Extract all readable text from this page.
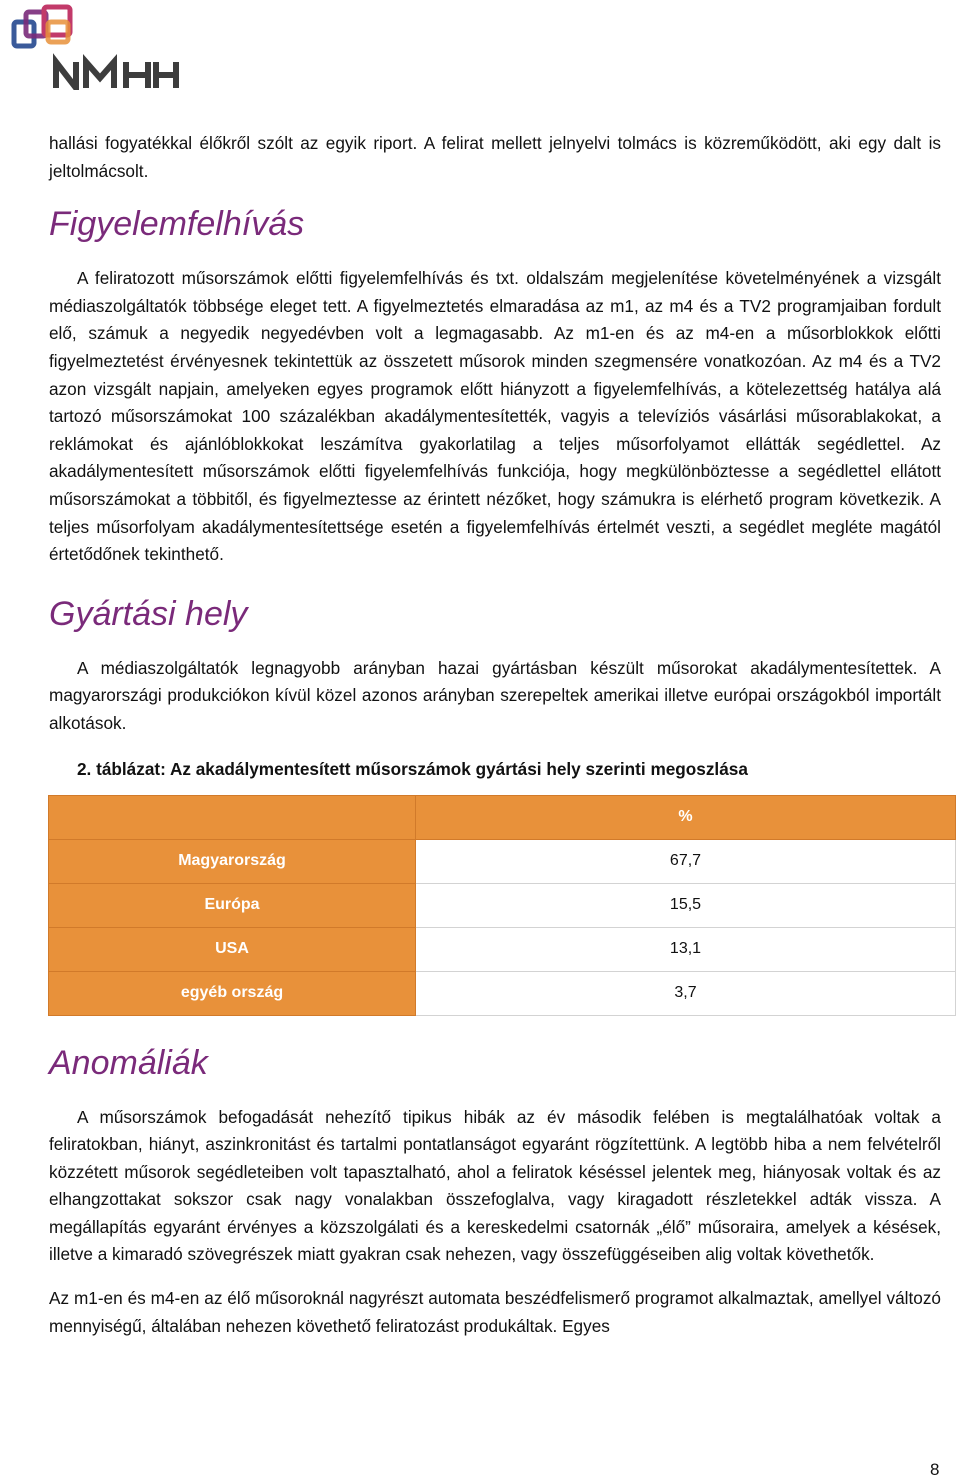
hallási fogyatékkal élőkről szólt az egyik riport. A felirat mellett jelnyelvi tolmács is közreműködött, aki egy dalt is jeltolmácsolt.

Figyelemfelhívás

A feliratozott műsorszámok előtti figyelemfelhívás és txt. oldalszám megjelenítése követelményének a vizsgált médiaszolgáltatók többsége eleget tett. A figyelmeztetés elmaradása az m1, az m4 és a TV2 programjaiban fordult elő, számuk a negyedik negyedévben volt a legmagasabb. Az m1-en és az m4-en a műsorblokkok előtti figyelmeztetést érvényesnek tekintettük az összetett műsorok minden szegmensére vonatkozóan. Az m4 és a TV2 azon vizsgált napjain, amelyeken egyes programok előtt hiányzott a figyelemfelhívás, a kötelezettség hatálya alá tartozó műsorszámokat 100 százalékban akadálymentesítették, vagyis a televíziós vásárlási műsorablakokat, a reklámokat és ajánlóblokkokat leszámítva gyakorlatilag a teljes műsorfolyamot ellátták segédlettel. Az akadálymentesített műsorszámok előtti figyelemfelhívás funkciója, hogy megkülönböztesse a segédlettel ellátott műsorszámokat a többitől, és figyelmeztesse az érintett nézőket, hogy számukra is elérhető program következik. A teljes műsorfolyam akadálymentesítettsége esetén a figyelemfelhívás értelmét veszti, a segédlet megléte magától értetődőnek tekinthető.

Gyártási hely

A médiaszolgáltatók legnagyobb arányban hazai gyártásban készült műsorokat akadálymentesítettek. A magyarországi produkciókon kívül közel azonos arányban szerepeltek amerikai illetve európai országokból importált alkotások.

2. táblázat: Az akadálymentesített műsorszámok gyártási hely szerinti megoszlása
	%
Magyarország	67,7
Európa	15,5
USA	13,1
egyéb ország	3,7
Anomáliák

A műsorszámok befogadását nehezítő tipikus hibák az év második felében is megtalálhatóak voltak a feliratokban, hiányt, aszinkronitást és tartalmi pontatlanságot egyaránt rögzítettünk. A legtöbb hiba a nem felvételről közzétett műsorok segédleteiben volt tapasztalható, ahol a feliratok késéssel jelentek meg, hiányosak voltak és az elhangzottakat sokszor csak nagy vonalakban összefoglalva, vagy kiragadott részletekkel adták vissza. A megállapítás egyaránt érvényes a közszolgálati és a kereskedelmi csatornák „élő” műsoraira, amelyek a késések, illetve a kimaradó szövegrészek miatt gyakran csak nehezen, vagy összefüggéseiben alig voltak követhetők.

Az m1-en és m4-en az élő műsoroknál nagyrészt automata beszédfelismerő programot alkalmaztak, amellyel változó mennyiségű, általában nehezen követhető feliratozást produkáltak. Egyes

8
